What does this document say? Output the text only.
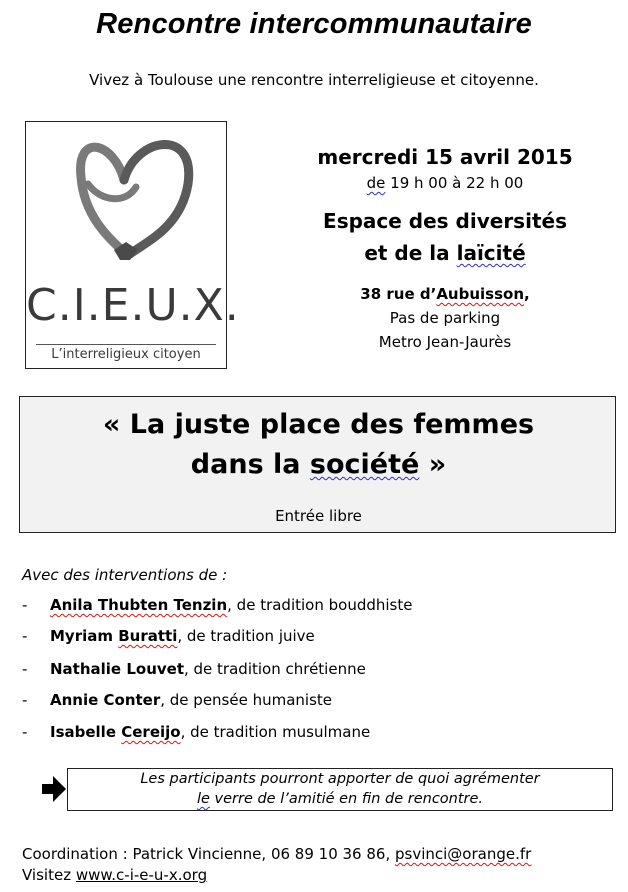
Rencontre intercommunautaire
Vivez à Toulouse une rencontre interreligieuse et citoyenne.
C.I.E.U.X.
L’interreligieux citoyen
mercredi 15 avril 2015
de 19 h 00 à 22 h 00
Espace des diversités
et de la laïcité
38 rue d’Aubuisson,
Pas de parking
Metro Jean-Jaurès
« La juste place des femmes
dans la société »
Entrée libre
Avec des interventions de :
-	Anila Thubten Tenzin , de tradition bouddhiste
-	Myriam Buratti , de tradition juive
-	Nathalie Louvet , de tradition chrétienne
-	Annie Conter , de pensée humaniste
-	Isabelle Cereijo , de tradition musulmane
Les participants pourront apporter de quoi agrémenter
le verre de l’amitié en fin de rencontre.
Coordination : Patrick Vincienne, 06 89 10 36 86, psvinci@orange.fr
Visitez www.c-i-e-u-x.org
